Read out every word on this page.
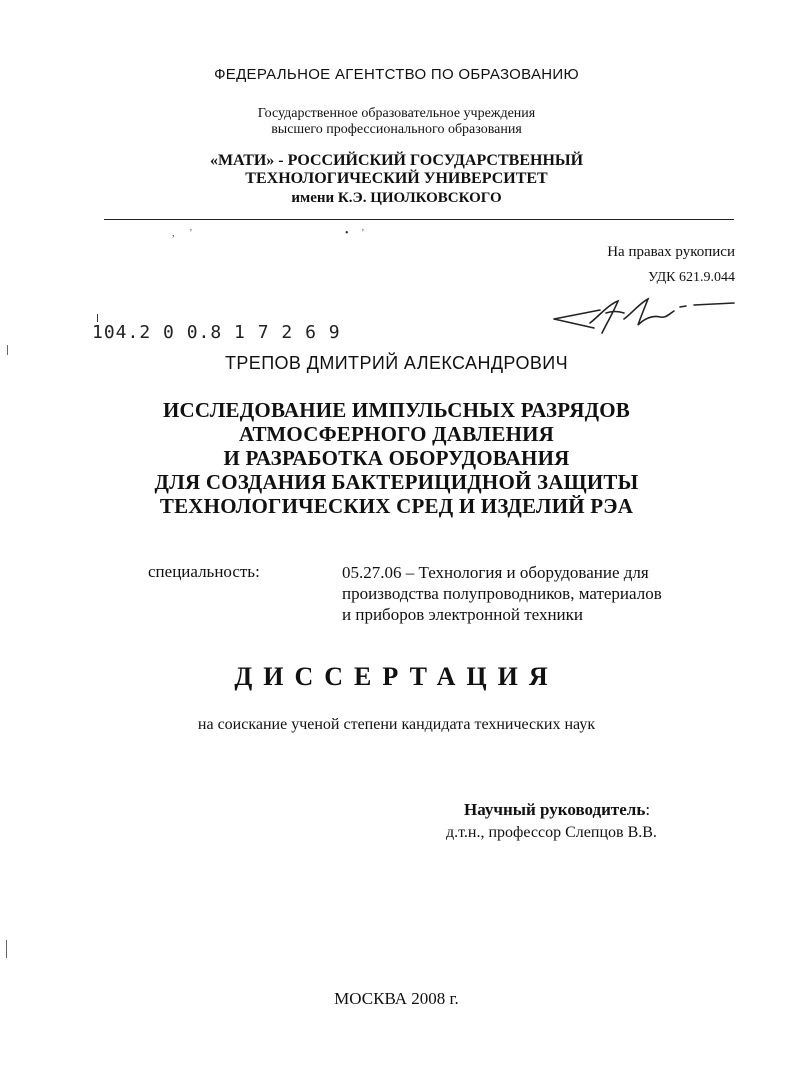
ФЕДЕРАЛЬНОЕ АГЕНТСТВО ПО ОБРАЗОВАНИЮ
Государственное образовательное учреждения
высшего профессионального образования
«МАТИ» - РОССИЙСКИЙ ГОСУДАРСТВЕННЫЙ
ТЕХНОЛОГИЧЕСКИЙ УНИВЕРСИТЕТ
имени К.Э. ЦИОЛКОВСКОГО
, '	• '
На правах рукописи
УДК 621.9.044
104.2 0 0.8 1 7 2 6 9
ТРЕПОВ ДМИТРИЙ АЛЕКСАНДРОВИЧ
ИССЛЕДОВАНИЕ ИМПУЛЬСНЫХ РАЗРЯДОВ
АТМОСФЕРНОГО ДАВЛЕНИЯ
И РАЗРАБОТКА ОБОРУДОВАНИЯ
ДЛЯ СОЗДАНИЯ БАКТЕРИЦИДНОЙ ЗАЩИТЫ
ТЕХНОЛОГИЧЕСКИХ СРЕД И ИЗДЕЛИЙ РЭА
специальность:	05.27.06 – Технология и оборудование для
производства полупроводников, материалов
и приборов электронной техники
ДИССЕРТАЦИЯ
на соискание ученой степени кандидата технических наук
Научный руководитель:
д.т.н., профессор Слепцов В.В.
МОСКВА 2008 г.
